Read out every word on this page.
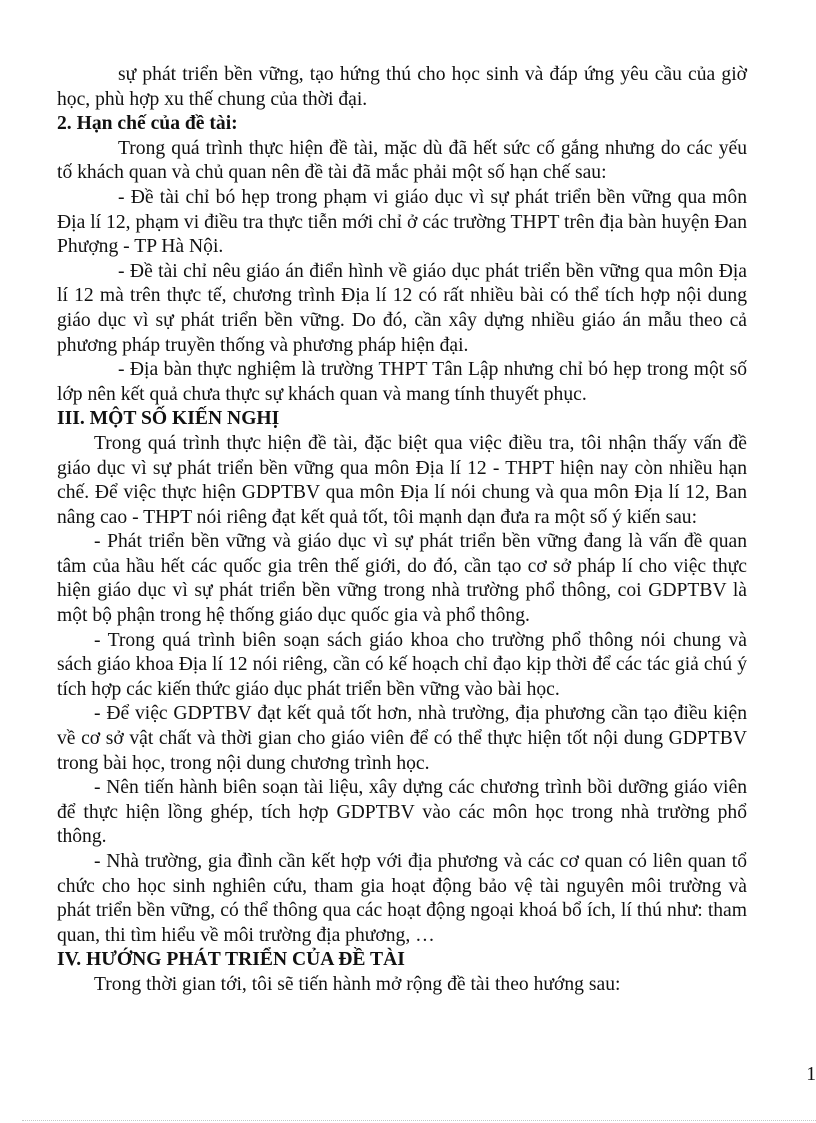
sự phát triển bền vững, tạo hứng thú cho học sinh và đáp ứng yêu cầu của giờ học, phù hợp xu thế chung của thời đại.

2. Hạn chế của đề tài:

Trong quá trình thực hiện đề tài, mặc dù đã hết sức cố gắng nhưng do các yếu tố khách quan và chủ quan nên đề tài đã mắc phải một số hạn chế sau:

- Đề tài chỉ bó hẹp trong phạm vi giáo dục vì sự phát triển bền vững qua môn Địa lí 12, phạm vi điều tra thực tiễn mới chỉ ở các trường THPT trên địa bàn huyện Đan Phượng - TP Hà Nội.

- Đề tài chỉ nêu giáo án điển hình về giáo dục phát triển bền vững qua môn Địa lí 12 mà trên thực tế, chương trình Địa lí 12 có rất nhiều bài có thể tích hợp nội dung giáo dục vì sự phát triển bền vững. Do đó, cần xây dựng nhiều giáo án mẫu theo cả phương pháp truyền thống và phương pháp hiện đại.

- Địa bàn thực nghiệm là trường THPT Tân Lập nhưng chỉ bó hẹp trong một số lớp nên kết quả chưa thực sự khách quan và mang tính thuyết phục.

III. MỘT SỐ KIẾN NGHỊ

Trong quá trình thực hiện đề tài, đặc biệt qua việc điều tra, tôi nhận thấy vấn đề giáo dục vì sự phát triển bền vững qua môn Địa lí 12 - THPT hiện nay còn nhiều hạn chế. Để việc thực hiện GDPTBV qua môn Địa lí nói chung và qua môn Địa lí 12, Ban nâng cao - THPT nói riêng đạt kết quả tốt, tôi mạnh dạn đưa ra một số ý kiến sau:

- Phát triển bền vững và giáo dục vì sự phát triển bền vững đang là vấn đề quan tâm của hầu hết các quốc gia trên thế giới, do đó, cần tạo cơ sở pháp lí cho việc thực hiện giáo dục vì sự phát triển bền vững trong nhà trường phổ thông, coi GDPTBV là một bộ phận trong hệ thống giáo dục quốc gia và phổ thông.

- Trong quá trình biên soạn sách giáo khoa cho trường phổ thông nói chung và sách giáo khoa Địa lí 12 nói riêng, cần có kế hoạch chỉ đạo kịp thời để các tác giả chú ý tích hợp các kiến thức giáo dục phát triển bền vững vào bài học.

- Để việc GDPTBV đạt kết quả tốt hơn, nhà trường, địa phương cần tạo điều kiện về cơ sở vật chất và thời gian cho giáo viên để có thể thực hiện tốt nội dung GDPTBV trong bài học, trong nội dung chương trình học.

- Nên tiến hành biên soạn tài liệu, xây dựng các chương trình bồi dưỡng giáo viên để thực hiện lồng ghép, tích hợp GDPTBV vào các môn học trong nhà trường phổ thông.

- Nhà trường, gia đình cần kết hợp với địa phương và các cơ quan có liên quan tổ chức cho học sinh nghiên cứu, tham gia hoạt động bảo vệ tài nguyên môi trường và phát triển bền vững, có thể thông qua các hoạt động ngoại khoá bổ ích, lí thú như: tham quan, thi tìm hiểu về môi trường địa phương, …

IV. HƯỚNG PHÁT TRIỂN CỦA ĐỀ TÀI

Trong thời gian tới, tôi sẽ tiến hành mở rộng đề tài theo hướng sau:

1
